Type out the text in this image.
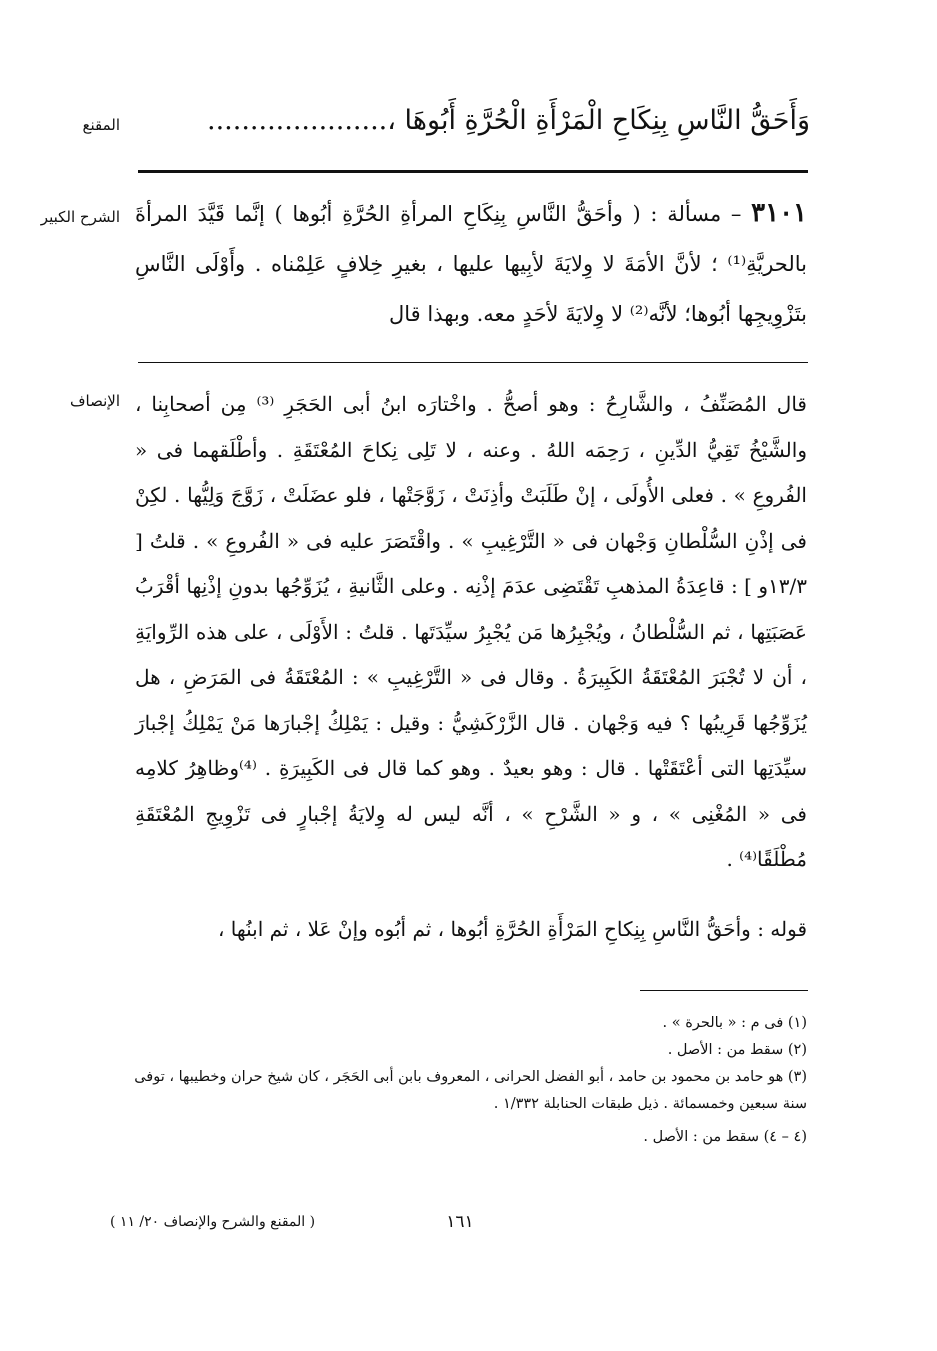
المقنع	وَأَحَقُّ النَّاسِ بِنِكَاحِ الْمَرْأَةِ الْحُرَّةِ أَبُوهَا ،.....................
الشرح الكبير	٣١٠١ – مسألة : ( وأحَقُّ النَّاسِ بِنِكَاحِ المرأةِ الحُرَّةِ أبُوها ) إنَّما قَيَّدَ المرأةَ بالحريَّةِ⁽¹⁾ ؛ لأنَّ الأمَةَ لا وِلايَةَ لأبِيها عليها ، بغيرِ خِلافٍ عَلِمْناه . وأَوْلَى النَّاسِ بتَزْوِيجِها أبُوها؛ لأنَّه⁽²⁾ لا وِلايَةَ لأحَدٍ معه. وبهذا قال
الإنصاف قال المُصَنِّفُ ، والشَّارِحُ : وهو أصحُّ . واخْتارَه ابنُ أبى الحَجَرِ ⁽³⁾ مِن أصحابِنا ، والشَّيْخُ تَقِيُّ الدِّينِ ، رَحِمَه اللهُ . وعنه ، لا تَلِى نِكاحَ المُعْتَقَةِ . وأطْلَقهما فى « الفُروعِ » . فعلى الأُولَى ، إنْ طَلَبَتْ وأذِنَتْ ، زَوَّجَتْها ، فلو عضَلَتْ ، زَوَّجَ وَلِيُّها . لكِنْ فى إذْنِ السُّلْطانِ وَجْهان فى « التَّرْغِيبِ » . واقْتَصَرَ عليه فى « الفُروعِ » . قلتُ [ ١٣/٣و ] : قاعِدَةُ المذهبِ تَقْتَضِى عدَمَ إذْنِه . وعلى الثَّانيةِ ، يُزَوِّجُها بدونِ إذْنِها أقْرَبُ عَصَبَتِها ، ثم السُّلْطانُ ، ويُجْبِرُها مَن يُجْبِرُ سيِّدَتَها . قلتُ : الأَوْلَى ، على هذه الرِّوايَةِ ، أن لا تُجْبَرَ المُعْتَقَةُ الكَبِيرَةُ . وقال فى « التَّرْغِيبِ » : المُعْتَقَةُ فى المَرَضِ ، هل يُزَوِّجُها قَرِيبُها ؟ فيه وَجْهان . قال الزَّرْكَشِيُّ : وقيل : يَمْلِكُ إجْبارَها مَنْ يَمْلِكُ إجْبارَ سيِّدَتِها التى أعْتَقَتْها . قال : وهو بعيدٌ . وهو كما قال فى الكَبِيرَةِ . ⁽⁴⁾وظاهِرُ كلامِه فى « المُغْنِى » ، و « الشَّرْحِ » ، أنَّه ليس له وِلايَةُ إجْبارٍ فى تَزْوِيجِ المُعْتَقَةِ مُطْلَقًا⁽⁴⁾ .
قوله : وأحَقُّ النَّاسِ بِنِكاحِ المَرْأَةِ الحُرَّةِ أبُوها ، ثم أبُوه وإنْ عَلا ، ثم ابنُها ،

(١) فى م : « بالحرة » .

(٢) سقط من : الأصل .

(٣) هو حامد بن محمود بن حامد ، أبو الفضل الحرانى ، المعروف بابن أبى الحَجَر ، كان شيخ حران وخطيبها ، توفى سنة سبعين وخمسمائة . ذيل طبقات الحنابلة ١/٣٣٢ .

(٤ – ٤) سقط من : الأصل .

( المقنع والشرح والإنصاف ٢٠/ ١١ )	١٦١
